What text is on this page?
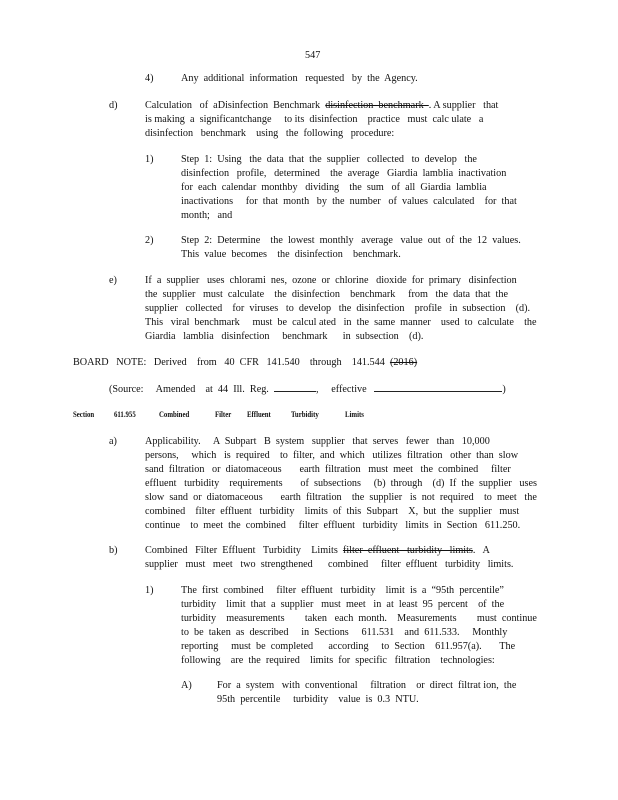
547
4)	Any  additional  information   requested   by  the  Agency.
d)	Calculation   of  aDisinfection  Benchmark  disinfection  benchmark  . A supplier   that
is making  a  significantchange     to its  disinfection    practice   must  calc ulate   a
disinfection   benchmark    using   the  following   procedure:
1)	Step  1:  Using   the  data  that  the  supplier   collected   to  develop   the
disinfection   profile,   determined    the  average   Giardia  lamblia  inactivation
for  each  calendar  monthby   dividing    the  sum   of  all  Giardia  lamblia
inactivations     for  that  month   by  the  number   of  values  calculated    for  that
month;   and
2)	Step  2:  Determine    the  lowest  monthly   average   value  out  of  the  12  values.
This  value  becomes    the  disinfection    benchmark.
e)	If  a  supplier   uses  chlorami  nes,  ozone  or  chlorine   dioxide  for  primary   disinfection
the  supplier   must  calculate    the  disinfection    benchmark     from   the  data  that  the
supplier   collected    for  viruses   to  develop   the  disinfection    profile   in  subsection    (d).
This   viral  benchmark     must  be  calcul ated   in  the  same  manner    used  to  calculate    the
Giardia   lamblia   disinfection     benchmark      in  subsection    (d).
BOARD   NOTE:   Derived    from   40  CFR   141.540    through    141.544  (2016)
(Source:     Amended    at  44  Ill.  Reg.	,     effective	)
Section 611.955	Combined	Filter Effluent Turbidity	Limits
a)	Applicability.     A  Subpart   B  system   supplier   that  serves   fewer   than   10,000
persons,     which   is  required    to  filter,  and  which   utilizes  filtration   other  than  slow
sand  filtration   or  diatomaceous       earth  filtration   must  meet   the  combined     filter
effluent   turbidity    requirements       of  subsections     (b)  through    (d)  If  the  supplier   uses
slow  sand  or  diatomaceous       earth  filtration    the  supplier   is  not  required    to  meet   the
combined    filter  effluent   turbidity    limits  of  this  Subpart    X,  but  the  supplier   must
continue    to  meet  the  combined     filter  effluent   turbidity   limits  in  Section   611.250.
b)	Combined   Filter  Effluent   Turbidity    Limits  filter  effluent   turbidity   limits.   A
supplier   must   meet   two  strengthened      combined     filter  effluent   turbidity   limits.
1)	The  first  combined     filter  effluent   turbidity    limit  is  a  “95th  percentile”
turbidity    limit  that  a  supplier   must  meet   in  at  least  95  percent    of  the
turbidity    measurements        taken   each  month.    Measurements        must  continue
to  be  taken  as  described     in  Sections     611.531    and  611.533.     Monthly
reporting     must  be  completed      according     to  Section    611.957(a).       The
following    are  the  required    limits  for  specific   filtration    technologies:
A) For  a  system   with  conventional     filtration    or  direct  filtrat ion,  the
95th  percentile     turbidity    value  is  0.3  NTU.
